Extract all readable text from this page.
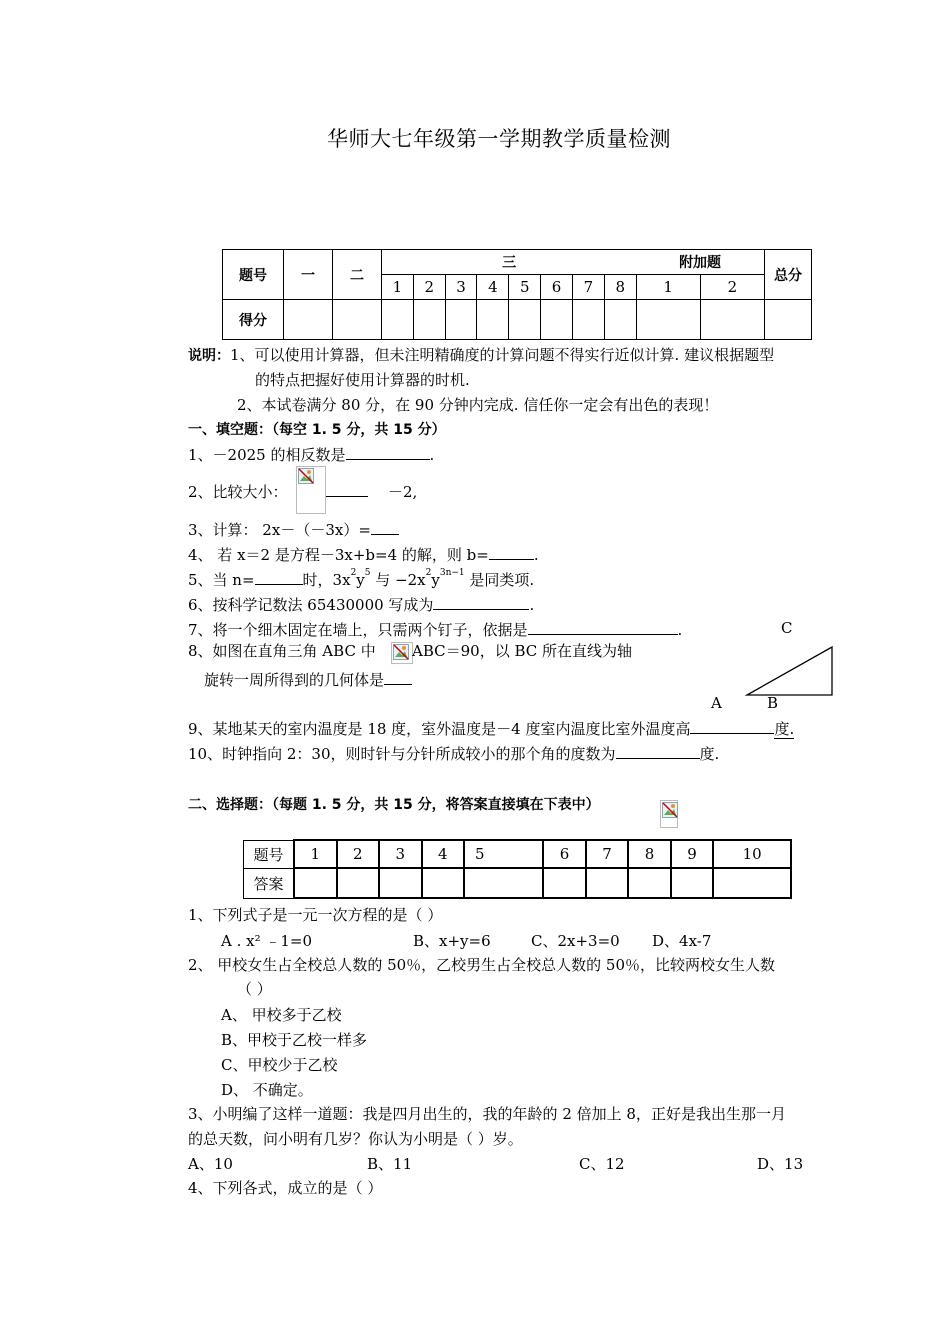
华师大七年级第一学期教学质量检测
题号	一	二	三								附加题		总分
			1	2	3	4	5	6	7	8	1	2	
得分													
说明：1、可以使用计算器，但未注明精确度的计算问题不得实行近似计算. 建议根据题型
的特点把握好使用计算器的时机.
2、本试卷满分 80 分，在 90 分钟内完成. 信任你一定会有出色的表现！
一、填空题：（每空 1. 5 分，共 15 分）
1、－2025 的相反数是	.
2、比较大小：	－2,
3、计算： 2x－（－3x）=
4、 若 x＝2 是方程－3x+b=4 的解，则 b=	.
5、当 n=	时，$3x^2y^5$ 与 $-2x^2y^{3n-1}$ 是同类项.
6、按科学记数法 65430000 写成为	.
7、将一个细木固定在墙上，只需两个钉子，依据是	.
8、如图在直角三角 ABC 中 ABC＝90，以 BC 所在直线为轴
旋转一周所得到的几何体是
C
A	B
9、某地某天的室内温度是 18 度，室外温度是－4 度室内温度比室外温度高	度.
10、时钟指向 2：30，则时针与分针所成较小的那个角的度数为	度.
二、选择题：（每题 1. 5 分，共 15 分，将答案直接填在下表中）
题号	1	2	3	4	5	6	7	8	9	10
答案										
1、下列式子是一元一次方程的是（ ）
A . x² ﹣1=0	B、x+y=6	C、2x+3=0 D、4x-7
2、 甲校女生占全校总人数的 50％，乙校男生占全校总人数的 50％，比较两校女生人数
（ ）
A、 甲校多于乙校
B、甲校于乙校一样多
C、甲校少于乙校
D、 不确定。
3、小明编了这样一道题：我是四月出生的，我的年龄的 2 倍加上 8，正好是我出生那一月
的总天数，问小明有几岁？你认为小明是（ ）岁。
A、10	B、11	C、12	D、13
4、下列各式，成立的是（ ）
